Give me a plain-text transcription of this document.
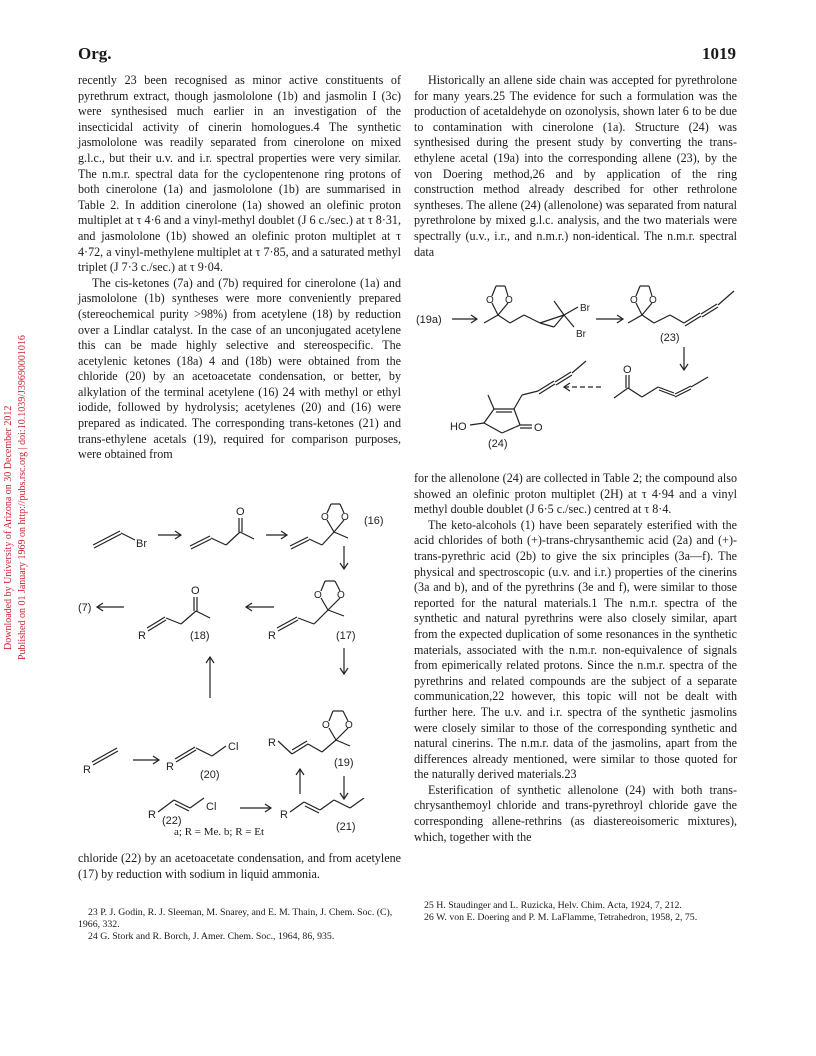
Org.	1019
Downloaded by University of Arizona on 30 December 2012 Published on 01 January 1969 on http://pubs.rsc.org | doi:10.1039/J39690001016

recently 23 been recognised as minor active constituents of pyrethrum extract, though jasmololone (1b) and jasmolin I (3c) were synthesised much earlier in an investigation of the insecticidal activity of cinerin homologues.4 The synthetic jasmololone was readily separated from cinerolone on mixed g.l.c., but their u.v. and i.r. spectral properties were very similar. The n.m.r. spectral data for the cyclopentenone ring protons of both cinerolone (1a) and jasmololone (1b) are summarised in Table 2. In addition cinerolone (1a) showed an olefinic proton multiplet at τ 4·6 and a vinyl-methyl doublet (J 6 c./sec.) at τ 8·31, and jasmololone (1b) showed an olefinic proton multiplet at τ 4·72, a vinyl-methylene multiplet at τ 7·85, and a saturated methyl triplet (J 7·3 c./sec.) at τ 9·04.

The cis-ketones (7a) and (7b) required for cinerolone (1a) and jasmololone (1b) syntheses were more conveniently prepared (stereochemical purity >98%) from acetylene (18) by reduction over a Lindlar catalyst. In the case of an unconjugated acetylene this can be made highly selective and stereospecific. The acetylenic ketones (18a) 4 and (18b) were obtained from the chloride (20) by an acetoacetate condensation, or better, by alkylation of the terminal acetylene (16) 24 with methyl or ethyl iodide, followed by hydrolysis; acetylenes (20) and (16) were prepared as indicated. The corresponding trans-ketones (21) and trans-ethylene acetals (19), required for comparison purposes, were obtained from

Br
O	O O (16)
(7)
R
O
(18)	R
O O
(17)
R	R
Cl
(20)
R
O O
(19)
R
Cl
(22)	R
(21)
a; R = Me. b; R = Et

chloride (22) by an acetoacetate condensation, and from acetylene (17) by reduction with sodium in liquid ammonia.

23 P. J. Godin, R. J. Sleeman, M. Snarey, and E. M. Thain, J. Chem. Soc. (C), 1966, 332.

24 G. Stork and R. Borch, J. Amer. Chem. Soc., 1964, 86, 935.

Historically an allene side chain was accepted for pyrethrolone for many years.25 The evidence for such a formulation was the production of acetaldehyde on ozonolysis, shown later 6 to be due to contamination with cinerolone (1a). Structure (24) was synthesised during the present study by converting the trans-ethylene acetal (19a) into the corresponding allene (23), by the von Doering method,26 and by application of the ring construction method already described for other rethrolone syntheses. The allene (24) (allenolone) was separated from natural pyrethrolone by mixed g.l.c. analysis, and the two materials were spectrally (u.v., i.r., and n.m.r.) non-identical. The n.m.r. spectral data

(19a)
O O
Br
Br
O O
(23)
O
O
HO
(24)

for the allenolone (24) are collected in Table 2; the compound also showed an olefinic proton multiplet (2H) at τ 4·94 and a vinyl methyl double doublet (J 6·5 c./sec.) centred at τ 8·4.

The keto-alcohols (1) have been separately esterified with the acid chlorides of both (+)-trans-chrysanthemic acid (2a) and (+)-trans-pyrethric acid (2b) to give the six principles (3a—f). The physical and spectroscopic (u.v. and i.r.) properties of the cinerins (3a and b), and of the pyrethrins (3e and f), were similar to those reported for the natural materials.1 The n.m.r. spectra of the synthetic and natural pyrethrins were also closely similar, apart from the expected duplication of some resonances in the synthetic materials, associated with the n.m.r. non-equivalence of signals from epimerically related protons. Since the n.m.r. spectra of the pyrethrins and related compounds are the subject of a separate communication,22 however, this topic will not be dealt with further here. The u.v. and i.r. spectra of the synthetic jasmolins were closely similar to those of the corresponding synthetic and natural cinerins. The n.m.r. data of the jasmolins, apart from the differences already mentioned, were similar to those quoted for the naturally derived materials.23

Esterification of synthetic allenolone (24) with both trans-chrysanthemoyl chloride and trans-pyrethroyl chloride gave the corresponding allene-rethrins (as diastereoisomeric mixtures), which, together with the

25 H. Staudinger and L. Ruzicka, Helv. Chim. Acta, 1924, 7, 212.

26 W. von E. Doering and P. M. LaFlamme, Tetrahedron, 1958, 2, 75.
